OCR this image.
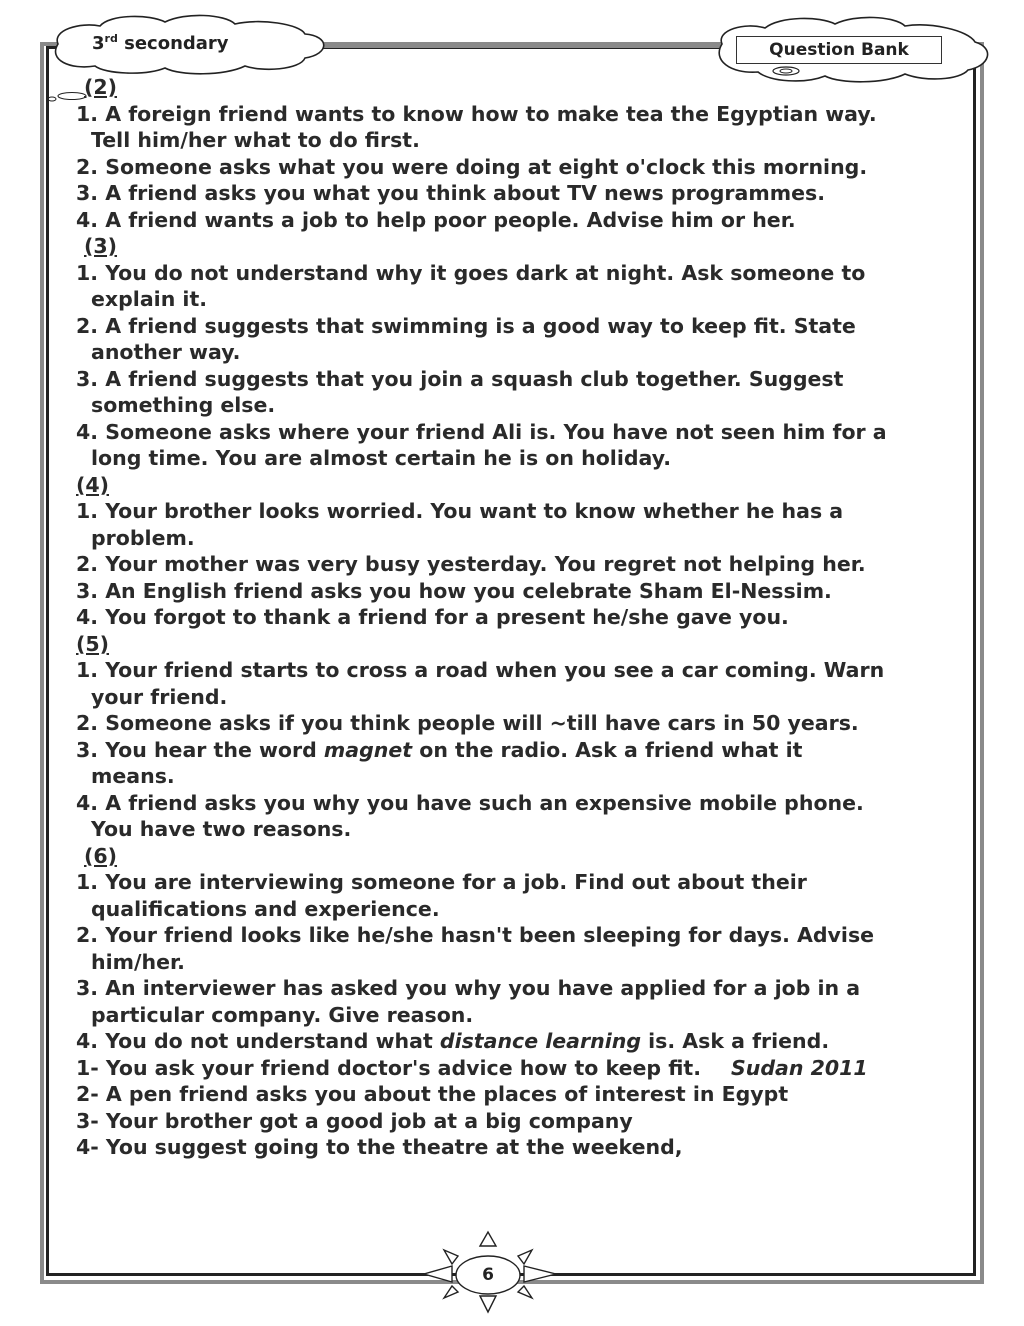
3rd secondary	Question Bank
(2)
1. A foreign friend wants to know how to make tea the Egyptian way.
Tell him/her what to do first.
2. Someone asks what you were doing at eight o'clock this morning.
3. A friend asks you what you think about TV news programmes.
4. A friend wants a job to help poor people. Advise him or her.
(3)
1. You do not understand why it goes dark at night. Ask someone to
explain it.
2. A friend suggests that swimming is a good way to keep fit. State
another way.
3. A friend suggests that you join a squash club together. Suggest
something else.
4. Someone asks where your friend Ali is. You have not seen him for a
long time. You are almost certain he is on holiday.
(4)
1. Your brother looks worried. You want to know whether he has a
problem.
2. Your mother was very busy yesterday. You regret not helping her.
3. An English friend asks you how you celebrate Sham El-Nessim.
4. You forgot to thank a friend for a present he/she gave you.
(5)
1. Your friend starts to cross a road when you see a car coming. Warn
your friend.
2. Someone asks if you think people will ~till have cars in 50 years.
3. You hear the word magnet on the radio. Ask a friend what it
means.
4. A friend asks you why you have such an expensive mobile phone.
You have two reasons.
(6)
1. You are interviewing someone for a job. Find out about their
qualifications and experience.
2. Your friend looks like he/she hasn't been sleeping for days. Advise
him/her.
3. An interviewer has asked you why you have applied for a job in a
particular company. Give reason.
4. You do not understand what distance learning is. Ask a friend.
1- You ask your friend doctor's advice how to keep fit. Sudan 2011
2- A pen friend asks you about the places of interest in Egypt
3- Your brother got a good job at a big company
4- You suggest going to the theatre at the weekend,
6
